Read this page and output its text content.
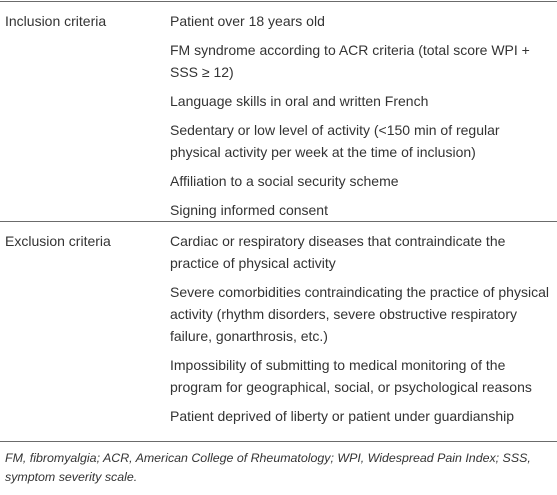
Inclusion criteria	Patient over 18 years old
FM syndrome according to ACR criteria (total score WPI + SSS ≥ 12)
Language skills in oral and written French
Sedentary or low level of activity (<150 min of regular physical activity per week at the time of inclusion)
Affiliation to a social security scheme
Signing informed consent
Exclusion criteria	Cardiac or respiratory diseases that contraindicate the practice of physical activity
Severe comorbidities contraindicating the practice of physical activity (rhythm disorders, severe obstructive respiratory failure, gonarthrosis, etc.)
Impossibility of submitting to medical monitoring of the program for geographical, social, or psychological reasons
Patient deprived of liberty or patient under guardianship
FM, fibromyalgia; ACR, American College of Rheumatology; WPI, Widespread Pain Index; SSS, symptom severity scale.
